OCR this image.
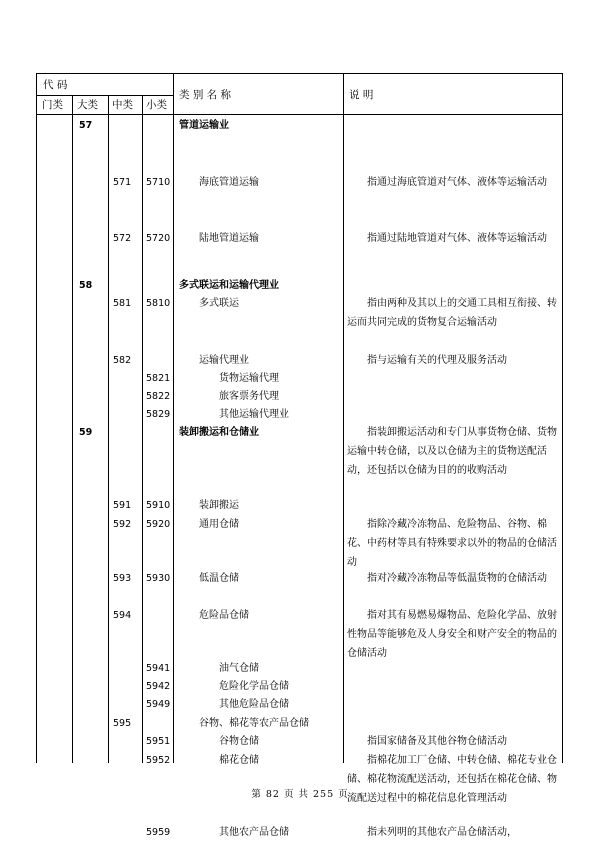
代 码
门类 大类 中类 小类
类 别 名 称	说 明
57	管道运输业
571 5710	海底管道运输	指通过海底管道对气体、液体等运输活动
572 5720	陆地管道运输	指通过陆地管道对气体、液体等运输活动
58	多式联运和运输代理业
581 5810	多式联运	指由两种及其以上的交通工具相互衔接、转运而共同完成的货物复合运输活动
582	运输代理业	指与运输有关的代理及服务活动
5821	货物运输代理
5822	旅客票务代理
5829	其他运输代理业
59	装卸搬运和仓储业	指装卸搬运活动和专门从事货物仓储、货物运输中转仓储，以及以仓储为主的货物送配活动，还包括以仓储为目的的收购活动
591 5910	装卸搬运
592 5920	通用仓储	指除冷藏冷冻物品、危险物品、谷物、棉花、中药材等具有特殊要求以外的物品的仓储活动
593 5930	低温仓储	指对冷藏冷冻物品等低温货物的仓储活动
594	危险品仓储	指对其有易燃易爆物品、危险化学品、放射性物品等能够危及人身安全和财产安全的物品的仓储活动
5941	油气仓储
5942	危险化学品仓储
5949	其他危险品仓储
595	谷物、棉花等农产品仓储
5951	谷物仓储	指国家储备及其他谷物仓储活动
5952	棉花仓储	指棉花加工厂仓储、中转仓储、棉花专业仓储、棉花物流配送活动，还包括在棉花仓储、物流配送过程中的棉花信息化管理活动
5959	其他农产品仓储	指未列明的其他农产品仓储活动，
第 82 页 共 255 页
